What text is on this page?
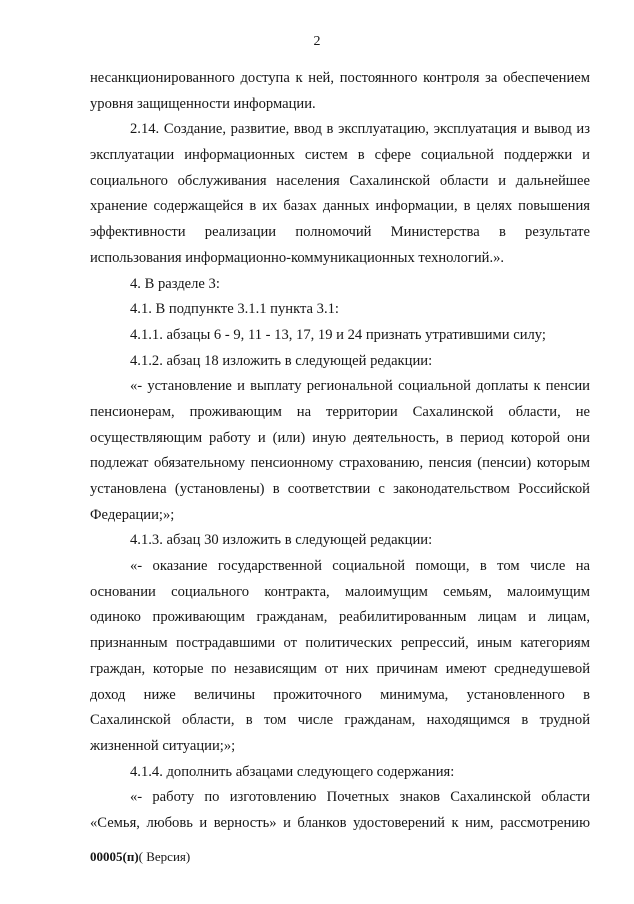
2
несанкционированного доступа к ней, постоянного контроля за обеспечением
уровня защищенности информации.
2.14. Создание, развитие, ввод в эксплуатацию, эксплуатация и вывод из
эксплуатации информационных систем в сфере социальной поддержки и
социального обслуживания населения Сахалинской области и дальнейшее
хранение содержащейся в их базах данных информации, в целях повышения
эффективности реализации полномочий Министерства в результате
использования информационно-коммуникационных технологий.».
4. В разделе 3:
4.1. В подпункте 3.1.1 пункта 3.1:
4.1.1. абзацы 6 - 9, 11 - 13, 17, 19 и 24 признать утратившими силу;
4.1.2. абзац 18 изложить в следующей редакции:
«- установление и выплату региональной социальной доплаты к пенсии
пенсионерам, проживающим на территории Сахалинской области, не
осуществляющим работу и (или) иную деятельность, в период которой они
подлежат обязательному пенсионному страхованию, пенсия (пенсии) которым
установлена (установлены) в соответствии с законодательством Российской
Федерации;»;
4.1.3. абзац 30 изложить в следующей редакции:
«- оказание государственной социальной помощи, в том числе на
основании социального контракта, малоимущим семьям, малоимущим
одиноко проживающим гражданам, реабилитированным лицам и лицам,
признанным пострадавшими от политических репрессий, иным категориям
граждан, которые по независящим от них причинам имеют среднедушевой
доход ниже величины прожиточного минимума, установленного в
Сахалинской области, в том числе гражданам, находящимся в трудной
жизненной ситуации;»;
4.1.4. дополнить абзацами следующего содержания:
«- работу по изготовлению Почетных знаков Сахалинской области
«Семья, любовь и верность» и бланков удостоверений к ним, рассмотрению
00005(п)( Версия)
